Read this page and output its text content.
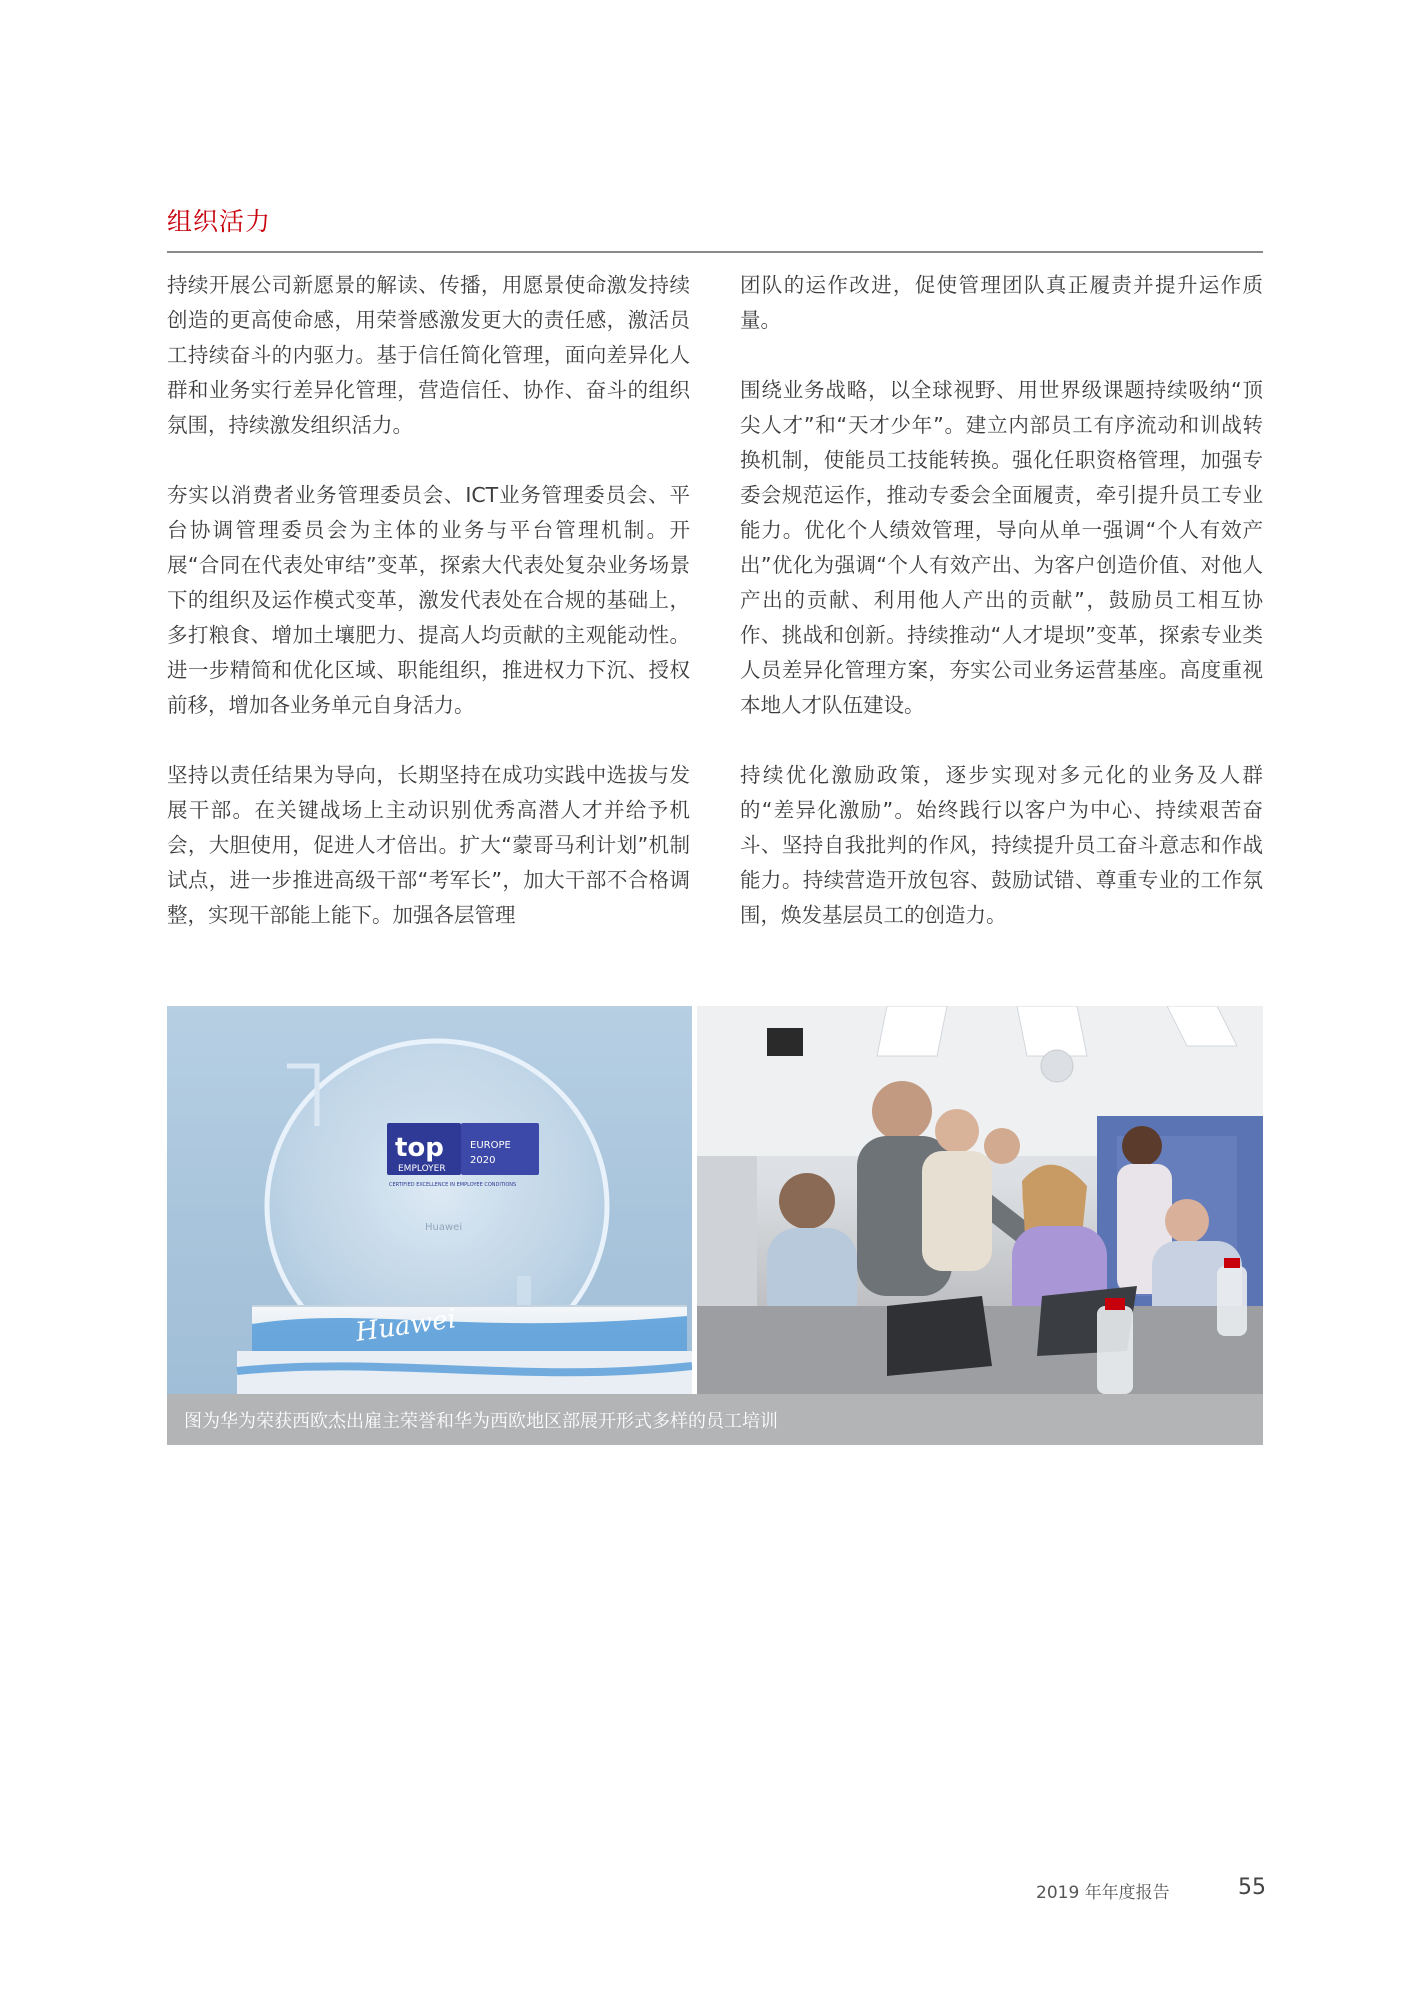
组织活力

持续开展公司新愿景的解读、传播，用愿景使命激发持续创造的更高使命感，用荣誉感激发更大的责任感，激活员工持续奋斗的内驱力。基于信任简化管理，面向差异化人群和业务实行差异化管理，营造信任、协作、奋斗的组织氛围，持续激发组织活力。

夯实以消费者业务管理委员会、ICT业务管理委员会、平台协调管理委员会为主体的业务与平台管理机制。开展“合同在代表处审结”变革，探索大代表处复杂业务场景下的组织及运作模式变革，激发代表处在合规的基础上，多打粮食、增加土壤肥力、提高人均贡献的主观能动性。进一步精简和优化区域、职能组织，推进权力下沉、授权前移，增加各业务单元自身活力。

坚持以责任结果为导向，长期坚持在成功实践中选拔与发展干部。在关键战场上主动识别优秀高潜人才并给予机会，大胆使用，促进人才倍出。扩大“蒙哥马利计划”机制试点，进一步推进高级干部“考军长”，加大干部不合格调整，实现干部能上能下。加强各层管理

团队的运作改进，促使管理团队真正履责并提升运作质量。

围绕业务战略，以全球视野、用世界级课题持续吸纳“顶尖人才”和“天才少年”。建立内部员工有序流动和训战转换机制，使能员工技能转换。强化任职资格管理，加强专委会规范运作，推动专委会全面履责，牵引提升员工专业能力。优化个人绩效管理，导向从单一强调“个人有效产出”优化为强调“个人有效产出、为客户创造价值、对他人产出的贡献、利用他人产出的贡献”，鼓励员工相互协作、挑战和创新。持续推动“人才堤坝”变革，探索专业类人员差异化管理方案，夯实公司业务运营基座。高度重视本地人才队伍建设。

持续优化激励政策，逐步实现对多元化的业务及人群的“差异化激励”。始终践行以客户为中心、持续艰苦奋斗、坚持自我批判的作风，持续提升员工奋斗意志和作战能力。持续营造开放包容、鼓励试错、尊重专业的工作氛围，焕发基层员工的创造力。

top
EMPLOYER
EUROPE
2020
CERTIFIED EXCELLENCE IN EMPLOYEE CONDITIONS
Huawei
Huawei
图为华为荣获西欧杰出雇主荣誉和华为西欧地区部展开形式多样的员工培训
2019 年年度报告	55
